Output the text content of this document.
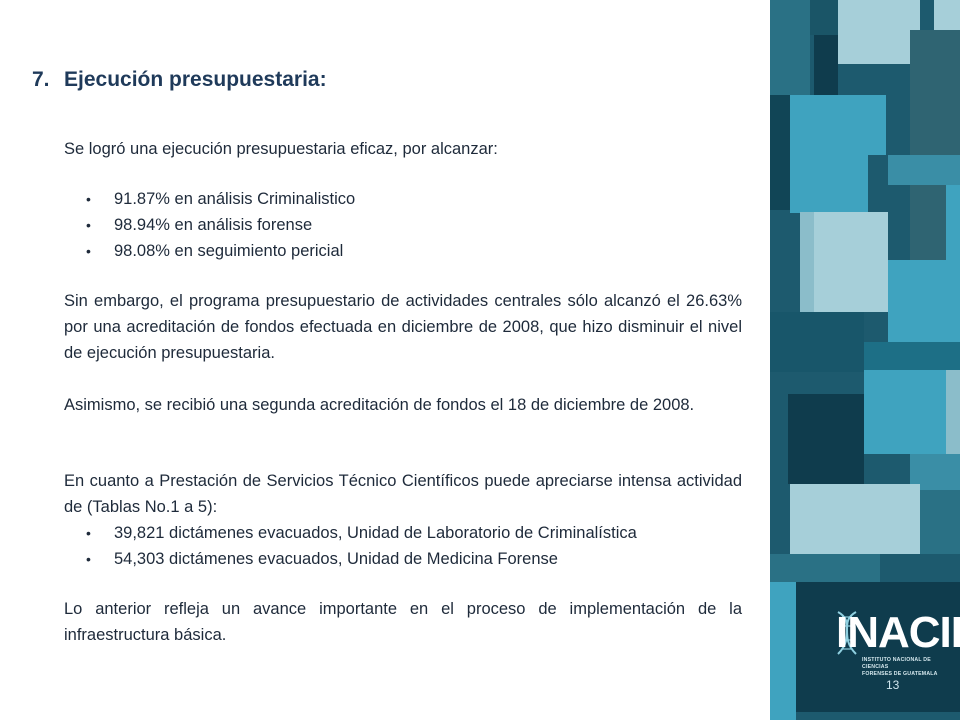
7. Ejecución presupuestaria:

Se logró una ejecución presupuestaria eficaz, por alcanzar:

• 91.87% en análisis Criminalistico
• 98.94% en análisis forense
• 98.08% en seguimiento pericial

Sin embargo, el programa presupuestario de actividades centrales sólo alcanzó el 26.63% por una acreditación de fondos efectuada en diciembre de 2008, que hizo disminuir el nivel de ejecución presupuestaria.

Asimismo, se recibió una segunda acreditación de fondos el 18 de diciembre de 2008.

En cuanto a Prestación de Servicios Técnico Científicos puede apreciarse intensa actividad de (Tablas No.1 a 5):

• 39,821 dictámenes evacuados, Unidad de Laboratorio de Criminalística
• 54,303 dictámenes evacuados, Unidad de Medicina Forense

Lo anterior refleja un avance importante en el proceso de implementación de la infraestructura básica.	INACIF
INSTITUTO NACIONAL DE CIENCIAS
FORENSES DE GUATEMALA
13
